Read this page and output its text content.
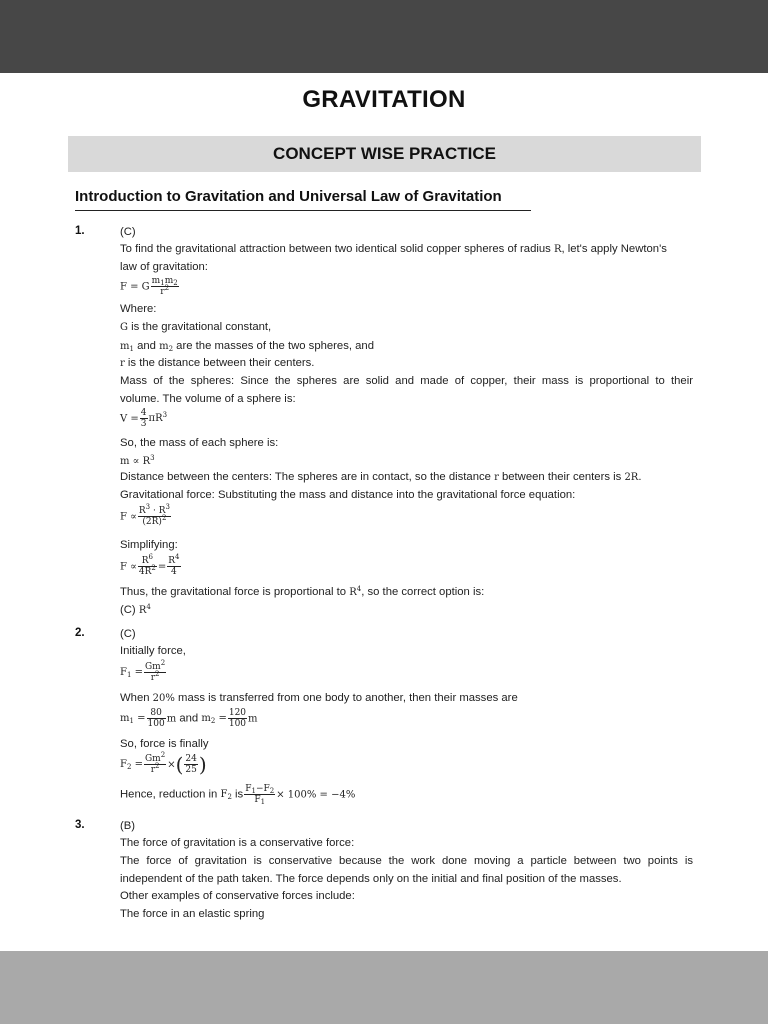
GRAVITATION
CONCEPT WISE PRACTICE
Introduction to Gravitation and Universal Law of Gravitation
1.	(C)
To find the gravitational attraction between two identical solid copper spheres of radius R, let's apply Newton's
law of gravitation:
F = G $\frac{m_1m_2}{r^2}$
Where:
G is the gravitational constant,
$m_1$ and $m_2$ are the masses of the two spheres, and
r is the distance between their centers.
Mass of the spheres: Since the spheres are solid and made of copper, their mass is proportional to their
volume. The volume of a sphere is:
$V = \frac{4}{3} \pi R^3$
So, the mass of each sphere is:
$m \propto R^3$
Distance between the centers: The spheres are in contact, so the distance r between their centers is 2R.
Gravitational force: Substituting the mass and distance into the gravitational force equation:
$F \propto \frac{R^3 \cdot R^3}{(2R)^2}$
Simplifying:
$F \propto \frac{R^6}{4R^2} = \frac{R^4}{4}$
Thus, the gravitational force is proportional to $R^4$, so the correct option is:
(C) $R^4$
2.	(C)
Initially force,
$F_1 = \frac{Gm^2}{r^2}$
When 20% mass is transferred from one body to another, then their masses are
$m_1 = \frac{80}{100}$ m and $m_2 = \frac{120}{100}$ m
So, force is finally
$F_2 = \frac{Gm^2}{r^2}$ ×( $\frac{24}{25}$ )
Hence, reduction in $F_2$ is $\frac{F_1-F_2}{F_1} \times 100\% = -4\%$
3.	(B)
The force of gravitation is a conservative force:
The force of gravitation is conservative because the work done moving a particle between two points is
independent of the path taken. The force depends only on the initial and final position of the masses.
Other examples of conservative forces include:
The force in an elastic spring
